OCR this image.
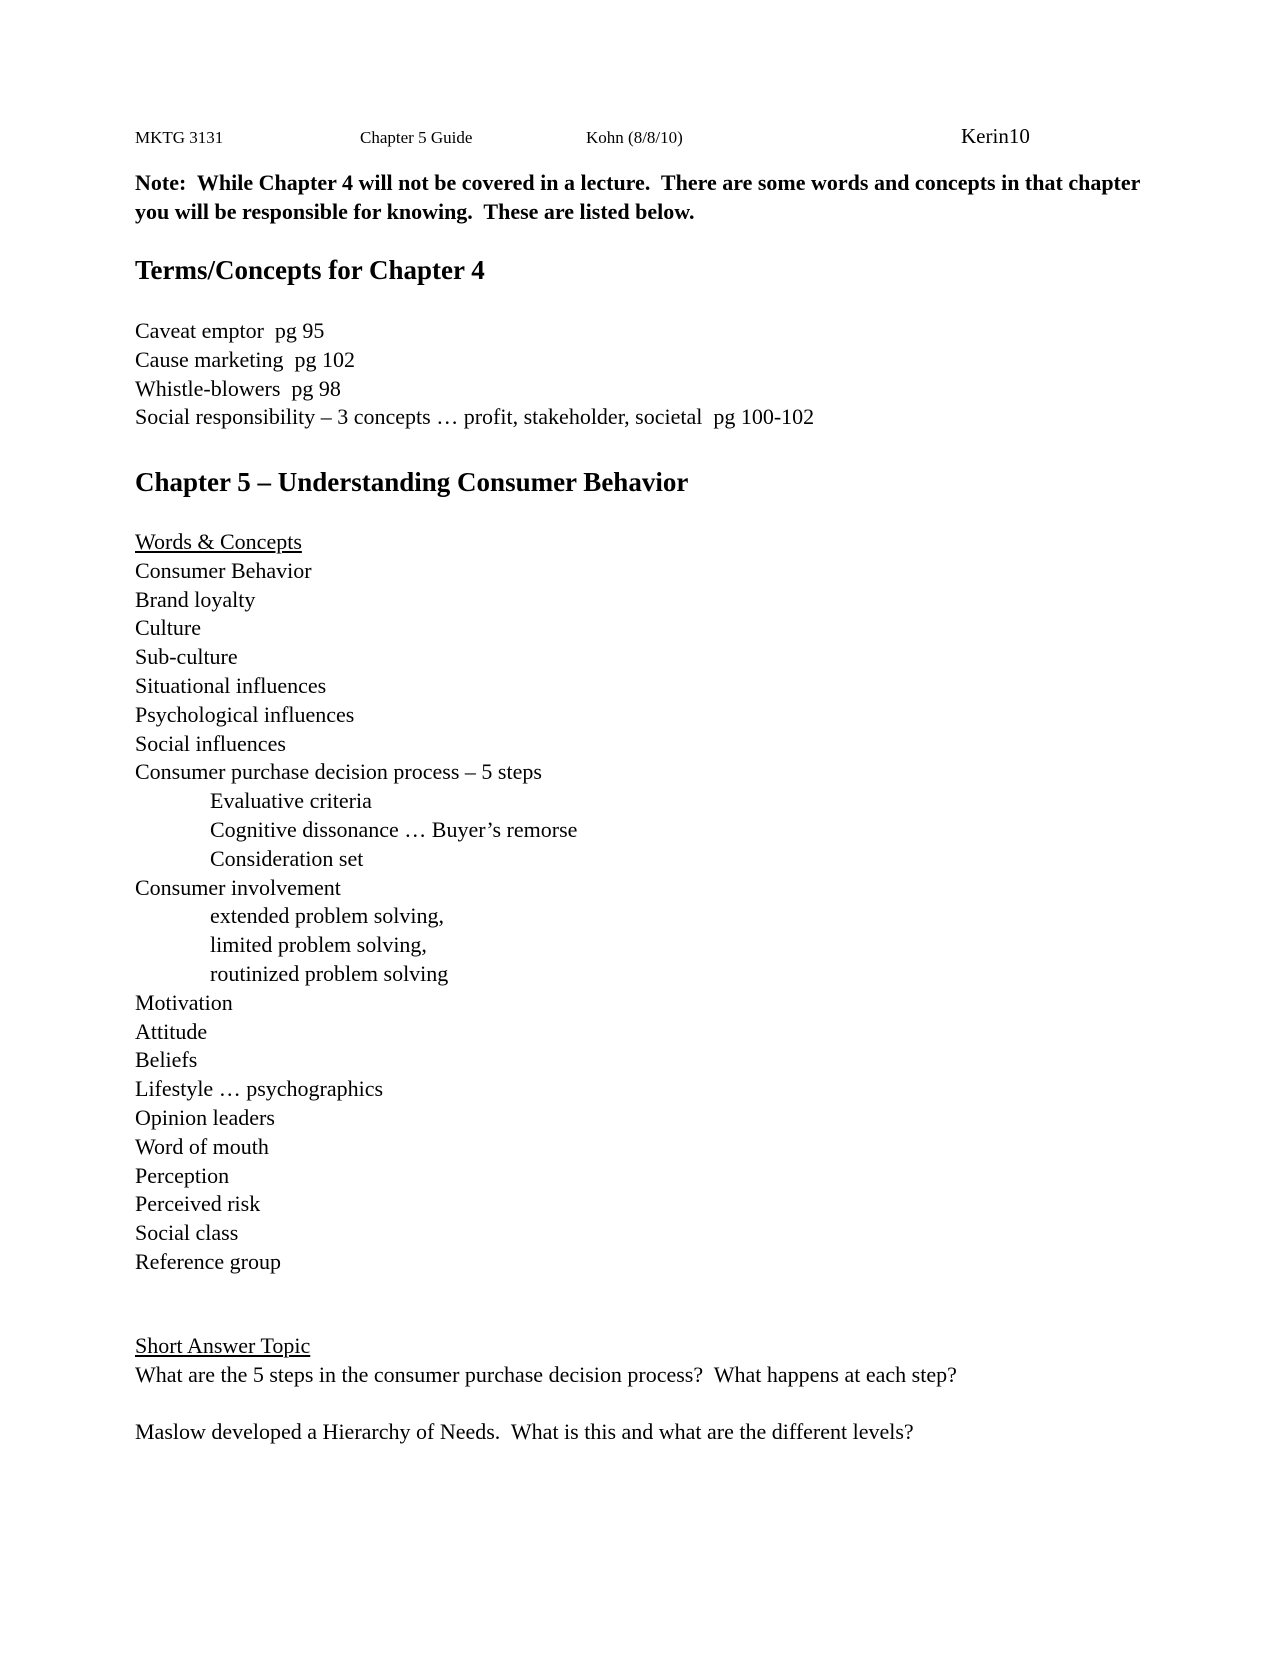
MKTG 3131	Chapter 5 Guide	Kohn (8/8/10)	Kerin10
Note:  While Chapter 4 will not be covered in a lecture.  There are some words and concepts in that chapter you will be responsible for knowing.  These are listed below.
Terms/Concepts for Chapter 4
Caveat emptor  pg 95
Cause marketing  pg 102
Whistle-blowers  pg 98
Social responsibility – 3 concepts … profit, stakeholder, societal  pg 100-102
Chapter 5 – Understanding Consumer Behavior
Words & Concepts
Consumer Behavior
Brand loyalty
Culture
Sub-culture
Situational influences
Psychological influences
Social influences
Consumer purchase decision process – 5 steps
Evaluative criteria
Cognitive dissonance … Buyer’s remorse
Consideration set
Consumer involvement
extended problem solving,
limited problem solving,
routinized problem solving
Motivation
Attitude
Beliefs
Lifestyle … psychographics
Opinion leaders
Word of mouth
Perception
Perceived risk
Social class
Reference group
Short Answer Topic
What are the 5 steps in the consumer purchase decision process?  What happens at each step?
Maslow developed a Hierarchy of Needs.  What is this and what are the different levels?
